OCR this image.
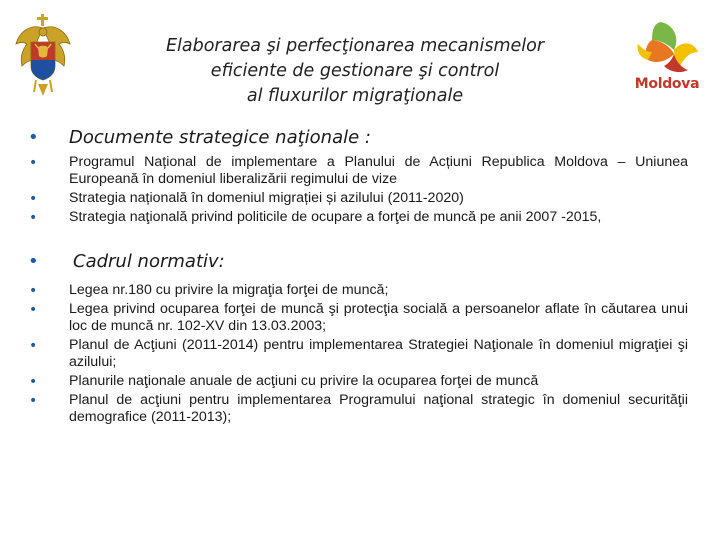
Moldova
Elaborarea şi perfecţionarea mecanismelor
eficiente de gestionare şi control
al fluxurilor migraţionale
• Documente strategice naţionale :
• Programul Național de implementare a Planului de Acțiuni Republica Moldova – Uniunea Europeană în domeniul liberalizării regimului de vize
• Strategia națională în domeniul migrației și azilului (2011-2020)
• Strategia naţională privind politicile de ocupare a forţei de muncă pe anii 2007 -2015,
• Cadrul normativ:
• Legea nr.180 cu privire la migraţia forţei de muncă;
• Legea privind ocuparea forţei de muncă şi protecţia socială a persoanelor aflate în căutarea unui loc de muncă nr. 102-XV din 13.03.2003;
• Planul de Acţiuni (2011-2014) pentru implementarea Strategiei Naţionale în domeniul migraţiei şi azilului;
• Planurile naţionale anuale de acţiuni cu privire la ocuparea forţei de muncă
• Planul de acţiuni pentru implementarea Programului naţional strategic în domeniul securităţii demografice (2011-2013);
